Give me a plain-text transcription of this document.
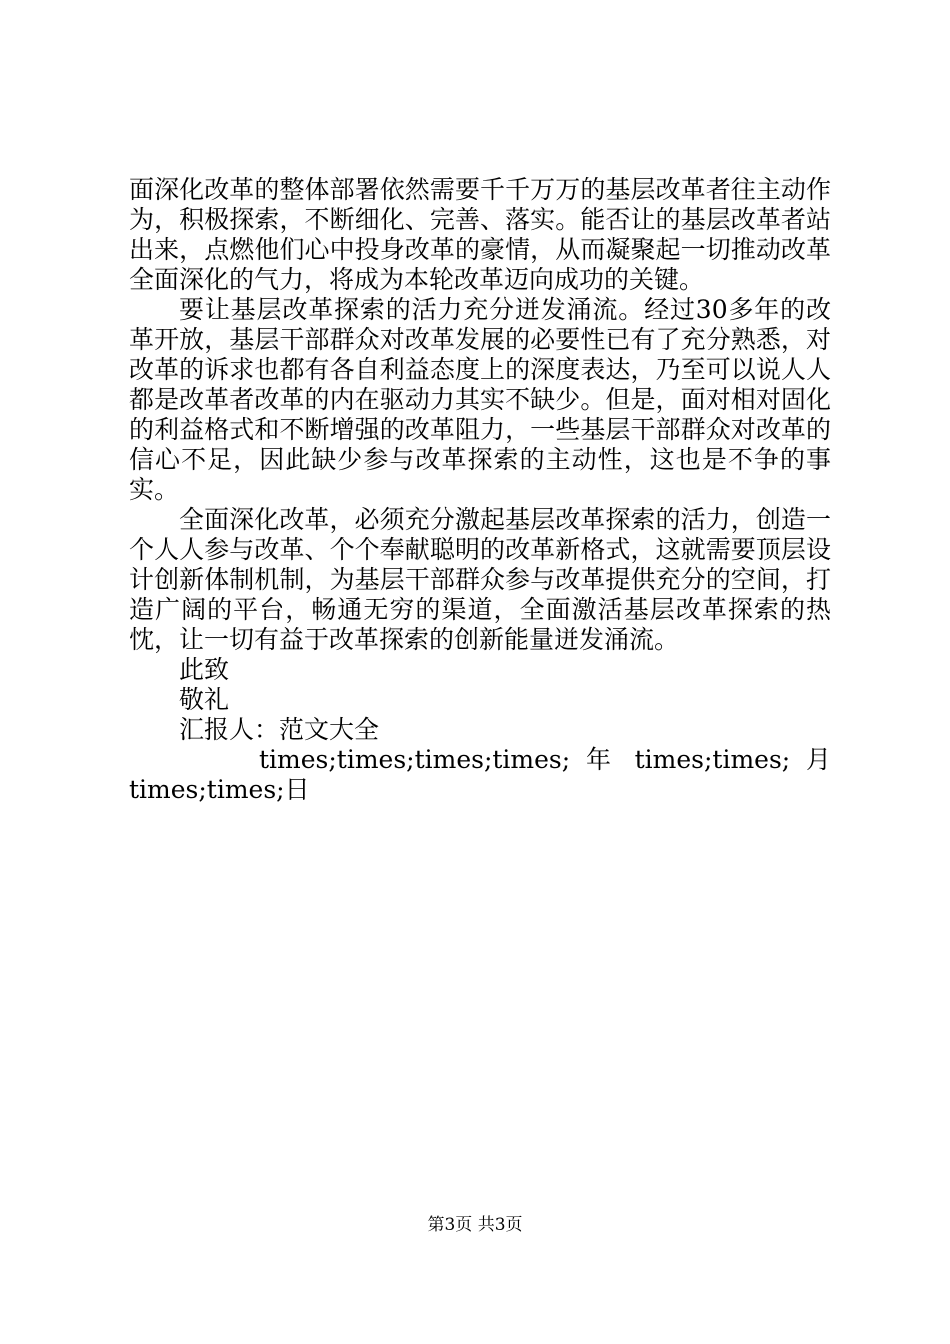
面深化改革的整体部署依然需要千千万万的基层改革者往主动作为，积极探索，不断细化、完善、落实。能否让的基层改革者站出来，点燃他们心中投身改革的豪情，从而凝聚起一切推动改革全面深化的气力，将成为本轮改革迈向成功的关键。

要让基层改革探索的活力充分迸发涌流。经过30多年的改革开放，基层干部群众对改革发展的必要性已有了充分熟悉，对改革的诉求也都有各自利益态度上的深度表达，乃至可以说人人都是改革者改革的内在驱动力其实不缺少。但是，面对相对固化的利益格式和不断增强的改革阻力，一些基层干部群众对改革的信心不足，因此缺少参与改革探索的主动性，这也是不争的事实。

全面深化改革，必须充分激起基层改革探索的活力，创造一个人人参与改革、个个奉献聪明的改革新格式，这就需要顶层设计创新体制机制，为基层干部群众参与改革提供充分的空间，打造广阔的平台，畅通无穷的渠道，全面激活基层改革探索的热忱，让一切有益于改革探索的创新能量迸发涌流。

此致

敬礼

汇报人：范文大全

times;times;times;times; 年 times;times; 月 times;times;日

第3页 共3页
